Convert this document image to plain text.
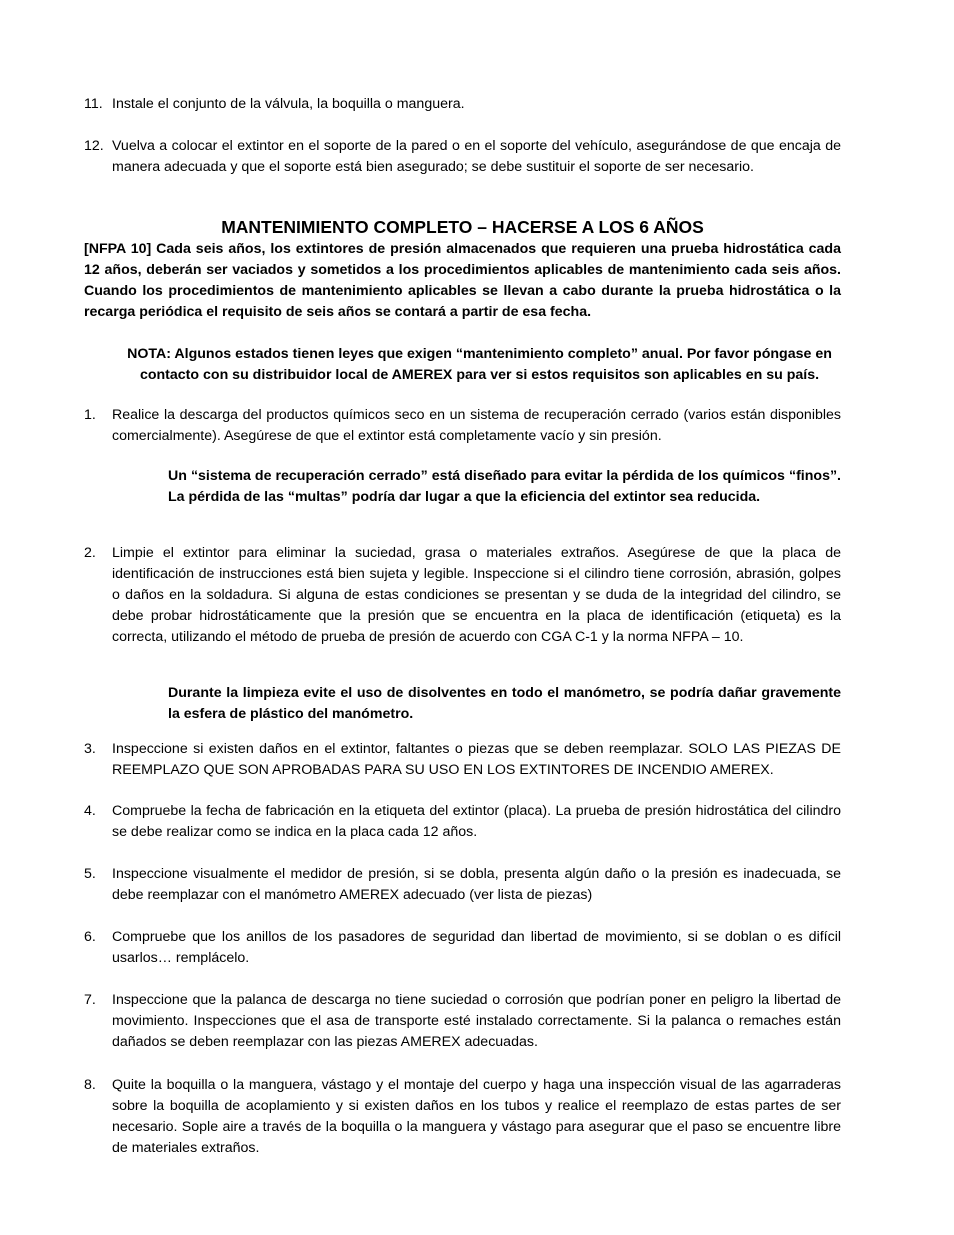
11. Instale el conjunto de la válvula, la boquilla o manguera.
12. Vuelva a colocar el extintor en el soporte de la pared o en el soporte del vehículo, asegurándose de que encaja de manera adecuada y que el soporte está bien asegurado; se debe sustituir el soporte de ser necesario.
MANTENIMIENTO COMPLETO – HACERSE A LOS 6 AÑOS
[NFPA 10] Cada seis años, los extintores de presión almacenados que requieren una prueba hidrostática cada 12 años, deberán ser vaciados y sometidos a los procedimientos aplicables de mantenimiento cada seis años. Cuando los procedimientos de mantenimiento aplicables se llevan a cabo durante la prueba hidrostática o la recarga periódica el requisito de seis años se contará a partir de esa fecha.
NOTA: Algunos estados tienen leyes que exigen “mantenimiento completo” anual. Por favor póngase en contacto con su distribuidor local de AMEREX para ver si estos requisitos son aplicables en su país.
1.	Realice la descarga del productos químicos seco en un sistema de recuperación cerrado (varios están disponibles comercialmente). Asegúrese de que el extintor está completamente vacío y sin presión.
Un “sistema de recuperación cerrado” está diseñado para evitar la pérdida de los químicos “finos”. La pérdida de las “multas” podría dar lugar a que la eficiencia del extintor sea reducida.
2.	Limpie el extintor para eliminar la suciedad, grasa o materiales extraños. Asegúrese de que la placa de identificación de instrucciones está bien sujeta y legible. Inspeccione si el cilindro tiene corrosión, abrasión, golpes o daños en la soldadura. Si alguna de estas condiciones se presentan y se duda de la integridad del cilindro, se debe probar hidrostáticamente que la presión que se encuentra en la placa de identificación (etiqueta) es la correcta, utilizando el método de prueba de presión de acuerdo con CGA C-1 y la norma NFPA – 10.
Durante la limpieza evite el uso de disolventes en todo el manómetro, se podría dañar gravemente la esfera de plástico del manómetro.
3.	Inspeccione si existen daños en el extintor, faltantes o piezas que se deben reemplazar. SOLO LAS PIEZAS DE REEMPLAZO QUE SON APROBADAS PARA SU USO EN LOS EXTINTORES DE INCENDIO AMEREX.
4.	Compruebe la fecha de fabricación en la etiqueta del extintor (placa). La prueba de presión hidrostática del cilindro se debe realizar como se indica en la placa cada 12 años.
5.	Inspeccione visualmente el medidor de presión, si se dobla, presenta algún daño o la presión es inadecuada, se debe reemplazar con el manómetro AMEREX adecuado (ver lista de piezas)
6.	Compruebe que los anillos de los pasadores de seguridad dan libertad de movimiento, si se doblan o es difícil usarlos… remplácelo.
7.	Inspeccione que la palanca de descarga no tiene suciedad o corrosión que podrían poner en peligro la libertad de movimiento. Inspecciones que el asa de transporte esté instalado correctamente. Si la palanca o remaches están dañados se deben reemplazar con las piezas AMEREX adecuadas.
8.	Quite la boquilla o la manguera, vástago y el montaje del cuerpo y haga una inspección visual de las agarraderas sobre la boquilla de acoplamiento y si existen daños en los tubos y realice el reemplazo de estas partes de ser necesario. Sople aire a través de la boquilla o la manguera y vástago para asegurar que el paso se encuentre libre de materiales extraños.
